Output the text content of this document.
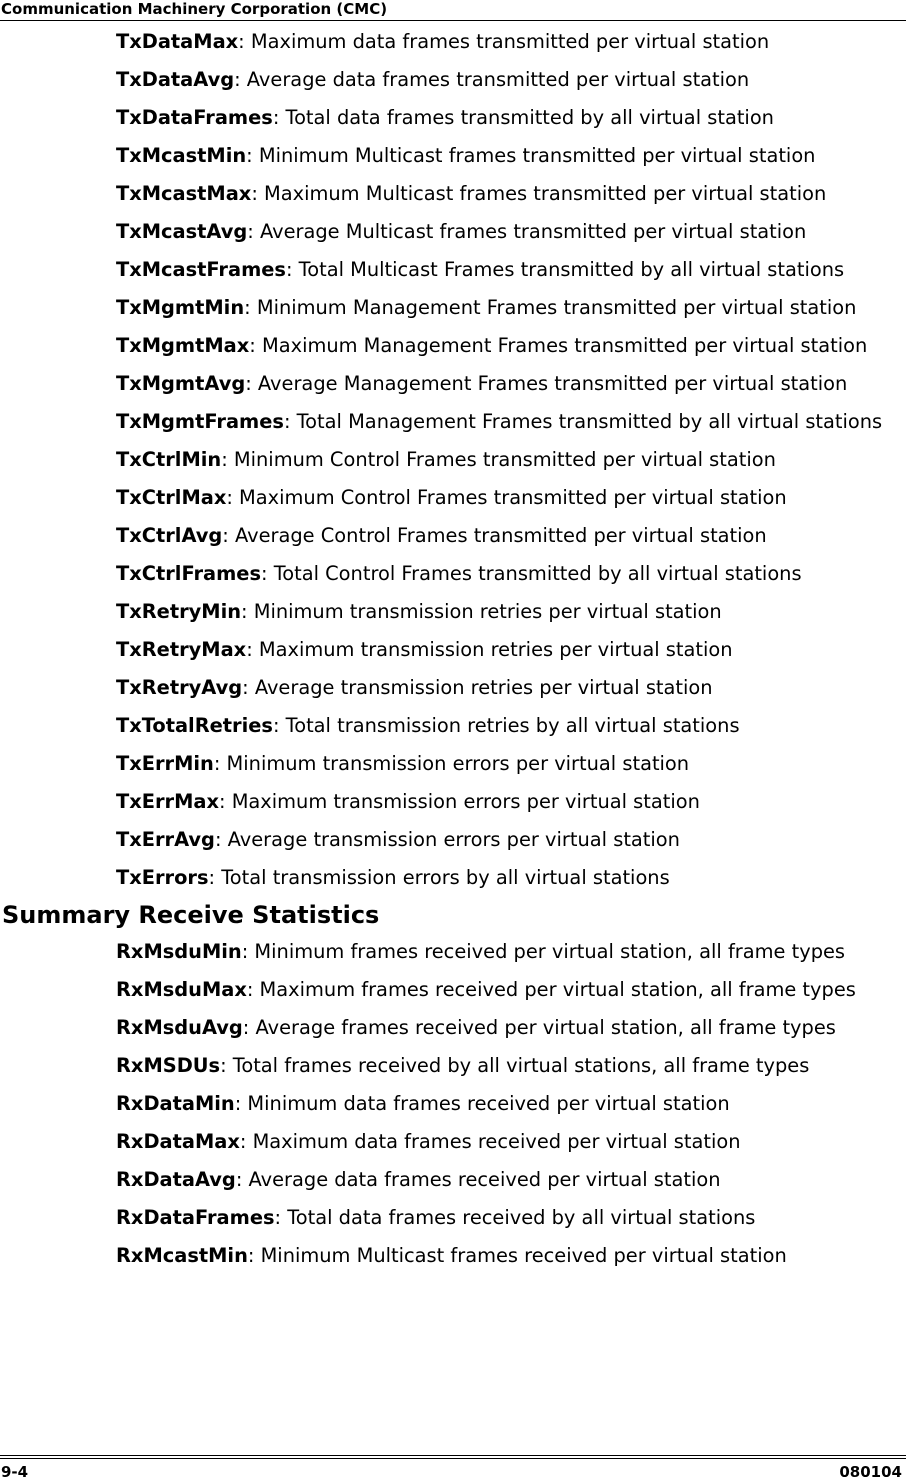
Communication Machinery Corporation (CMC)
TxDataMax: Maximum data frames transmitted per virtual station
TxDataAvg: Average data frames transmitted per virtual station
TxDataFrames: Total data frames transmitted by all virtual station
TxMcastMin: Minimum Multicast frames transmitted per virtual station
TxMcastMax: Maximum Multicast frames transmitted per virtual station
TxMcastAvg: Average Multicast frames transmitted per virtual station
TxMcastFrames: Total Multicast Frames transmitted by all virtual stations
TxMgmtMin: Minimum Management Frames transmitted per virtual station
TxMgmtMax: Maximum Management Frames transmitted per virtual station
TxMgmtAvg: Average Management Frames transmitted per virtual station
TxMgmtFrames: Total Management Frames transmitted by all virtual stations
TxCtrlMin: Minimum Control Frames transmitted per virtual station
TxCtrlMax: Maximum Control Frames transmitted per virtual station
TxCtrlAvg: Average Control Frames transmitted per virtual station
TxCtrlFrames: Total Control Frames transmitted by all virtual stations
TxRetryMin: Minimum transmission retries per virtual station
TxRetryMax: Maximum transmission retries per virtual station
TxRetryAvg: Average transmission retries per virtual station
TxTotalRetries: Total transmission retries by all virtual stations
TxErrMin: Minimum transmission errors per virtual station
TxErrMax: Maximum transmission errors per virtual station
TxErrAvg: Average transmission errors per virtual station
TxErrors: Total transmission errors by all virtual stations
Summary Receive Statistics
RxMsduMin: Minimum frames received per virtual station, all frame types
RxMsduMax: Maximum frames received per virtual station, all frame types
RxMsduAvg: Average frames received per virtual station, all frame types
RxMSDUs: Total frames received by all virtual stations, all frame types
RxDataMin: Minimum data frames received per virtual station
RxDataMax: Maximum data frames received per virtual station
RxDataAvg: Average data frames received per virtual station
RxDataFrames: Total data frames received by all virtual stations
RxMcastMin: Minimum Multicast frames received per virtual station
9-4	080104
